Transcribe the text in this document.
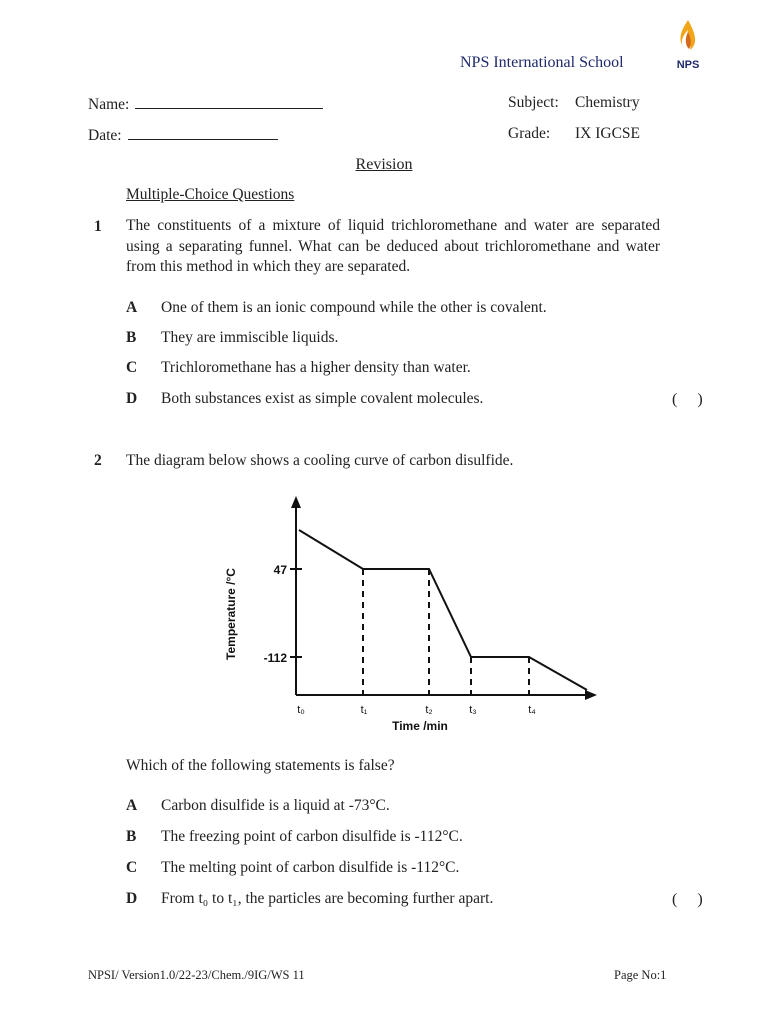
NPS International School	NPS
Name:
Date:
Subject: Chemistry
Grade: IX IGCSE
Revision
Multiple-Choice Questions
1 The constituents of a mixture of liquid trichloromethane and water are separated using a separating funnel. What can be deduced about trichloromethane and water from this method in which they are separated.
A One of them is an ionic compound while the other is covalent.
B They are immiscible liquids.
C Trichloromethane has a higher density than water.
D Both substances exist as simple covalent molecules.	(     )
2 The diagram below shows a cooling curve of carbon disulfide.
47
-112
t₀	t₁	t₂	t₃	t₄
Time /min
Temperature /°C
Which of the following statements is false?
A Carbon disulfide is a liquid at -73°C.
B The freezing point of carbon disulfide is -112°C.
C The melting point of carbon disulfide is -112°C.
D From t₀ to t₁, the particles are becoming further apart.	(     )
NPSI/ Version1.0/22-23/Chem./9IG/WS 11	Page No:1
